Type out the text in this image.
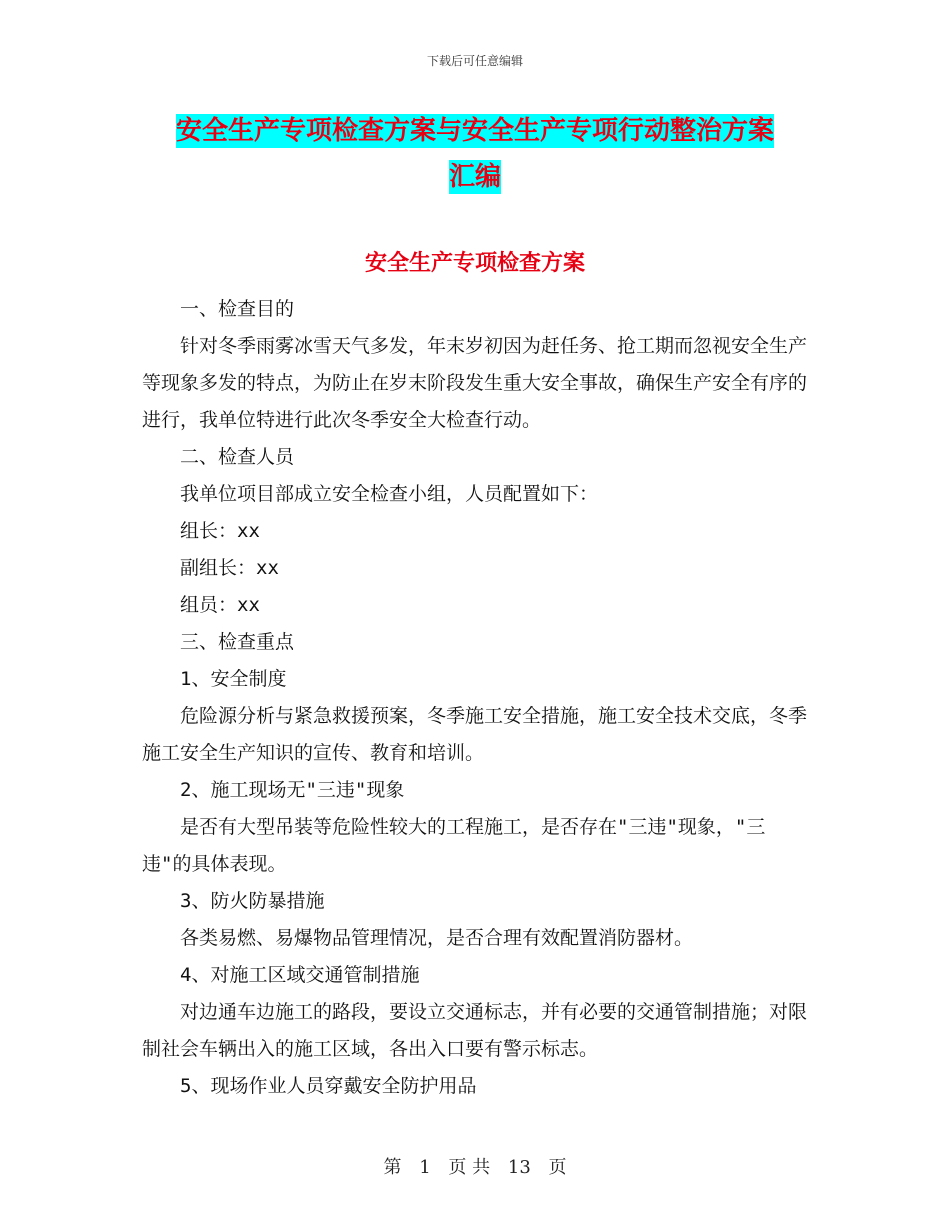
下载后可任意编辑
安全生产专项检查方案与安全生产专项行动整治方案
汇编
安全生产专项检查方案

一、检查目的

针对冬季雨雾冰雪天气多发，年末岁初因为赶任务、抢工期而忽视安全生产等现象多发的特点，为防止在岁末阶段发生重大安全事故，确保生产安全有序的进行，我单位特进行此次冬季安全大检查行动。

二、检查人员

我单位项目部成立安全检查小组，人员配置如下：

组长：xx

副组长：xx

组员：xx

三、检查重点

1、安全制度

危险源分析与紧急救援预案，冬季施工安全措施，施工安全技术交底，冬季施工安全生产知识的宣传、教育和培训。

2、施工现场无"三违"现象

是否有大型吊装等危险性较大的工程施工，是否存在"三违"现象，"三违"的具体表现。

3、防火防暴措施

各类易燃、易爆物品管理情况，是否合理有效配置消防器材。

4、对施工区域交通管制措施

对边通车边施工的路段，要设立交通标志，并有必要的交通管制措施；对限制社会车辆出入的施工区域，各出入口要有警示标志。

5、现场作业人员穿戴安全防护用品

第 1 页 共 13 页
